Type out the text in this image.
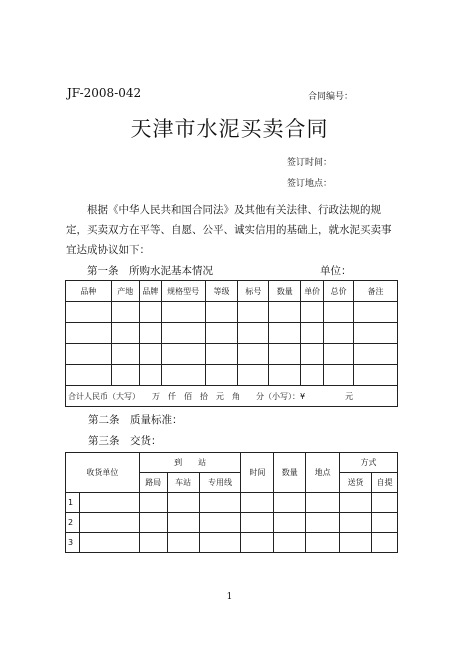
JF-2008-042	合同编号：
天津市水泥买卖合同
签订时间：
签订地点：
根据《中华人民共和国合同法》及其他有关法律、行政法规的规定，买卖双方在平等、自愿、公平、诚实信用的基础上，就水泥买卖事宜达成协议如下：
第一条　所购水泥基本情况	单位：
品种	产地	品牌	规格型号	等级	标号	数量	单价	总价	备注

合计人民币（大写）　　万　仟　佰　拾　元　角　　分（小写）：¥　　　　　元									
第二条　质量标准：
第三条　交货：
收货单位		到　　站			时间	数量	地点	方式	
		路局	车站	专用线				送货	自提
1									
2									
3									
1
